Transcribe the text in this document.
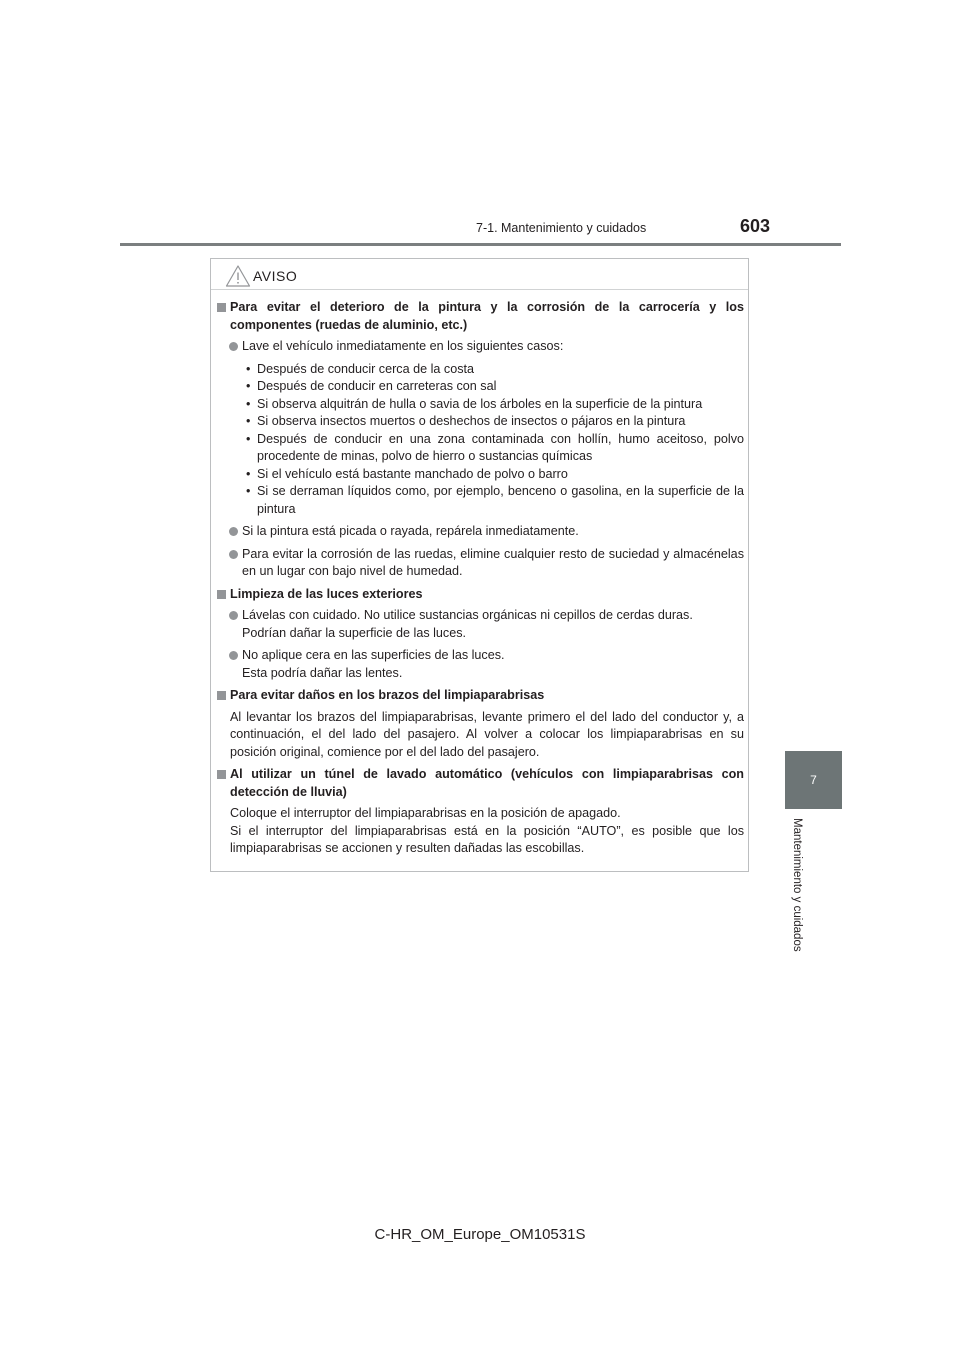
7-1. Mantenimiento y cuidados	603
7
Mantenimiento y cuidados
AVISO
Para evitar el deterioro de la pintura y la corrosión de la carrocería y los componentes (ruedas de aluminio, etc.)
Lave el vehículo inmediatamente en los siguientes casos:
• Después de conducir cerca de la costa
• Después de conducir en carreteras con sal
• Si observa alquitrán de hulla o savia de los árboles en la superficie de la pintura
• Si observa insectos muertos o deshechos de insectos o pájaros en la pintura
• Después de conducir en una zona contaminada con hollín, humo aceitoso, polvo procedente de minas, polvo de hierro o sustancias químicas
• Si el vehículo está bastante manchado de polvo o barro
• Si se derraman líquidos como, por ejemplo, benceno o gasolina, en la superficie de la pintura
Si la pintura está picada o rayada, repárela inmediatamente.
Para evitar la corrosión de las ruedas, elimine cualquier resto de suciedad y almacénelas en un lugar con bajo nivel de humedad.
Limpieza de las luces exteriores
Lávelas con cuidado. No utilice sustancias orgánicas ni cepillos de cerdas duras.
Podrían dañar la superficie de las luces.
No aplique cera en las superficies de las luces.
Esta podría dañar las lentes.
Para evitar daños en los brazos del limpiaparabrisas
Al levantar los brazos del limpiaparabrisas, levante primero el del lado del conductor y, a continuación, el del lado del pasajero. Al volver a colocar los limpiaparabrisas en su posición original, comience por el del lado del pasajero.
Al utilizar un túnel de lavado automático (vehículos con limpiaparabrisas con detección de lluvia)
Coloque el interruptor del limpiaparabrisas en la posición de apagado.
Si el interruptor del limpiaparabrisas está en la posición “AUTO”, es posible que los limpiaparabrisas se accionen y resulten dañadas las escobillas.
C-HR_OM_Europe_OM10531S
